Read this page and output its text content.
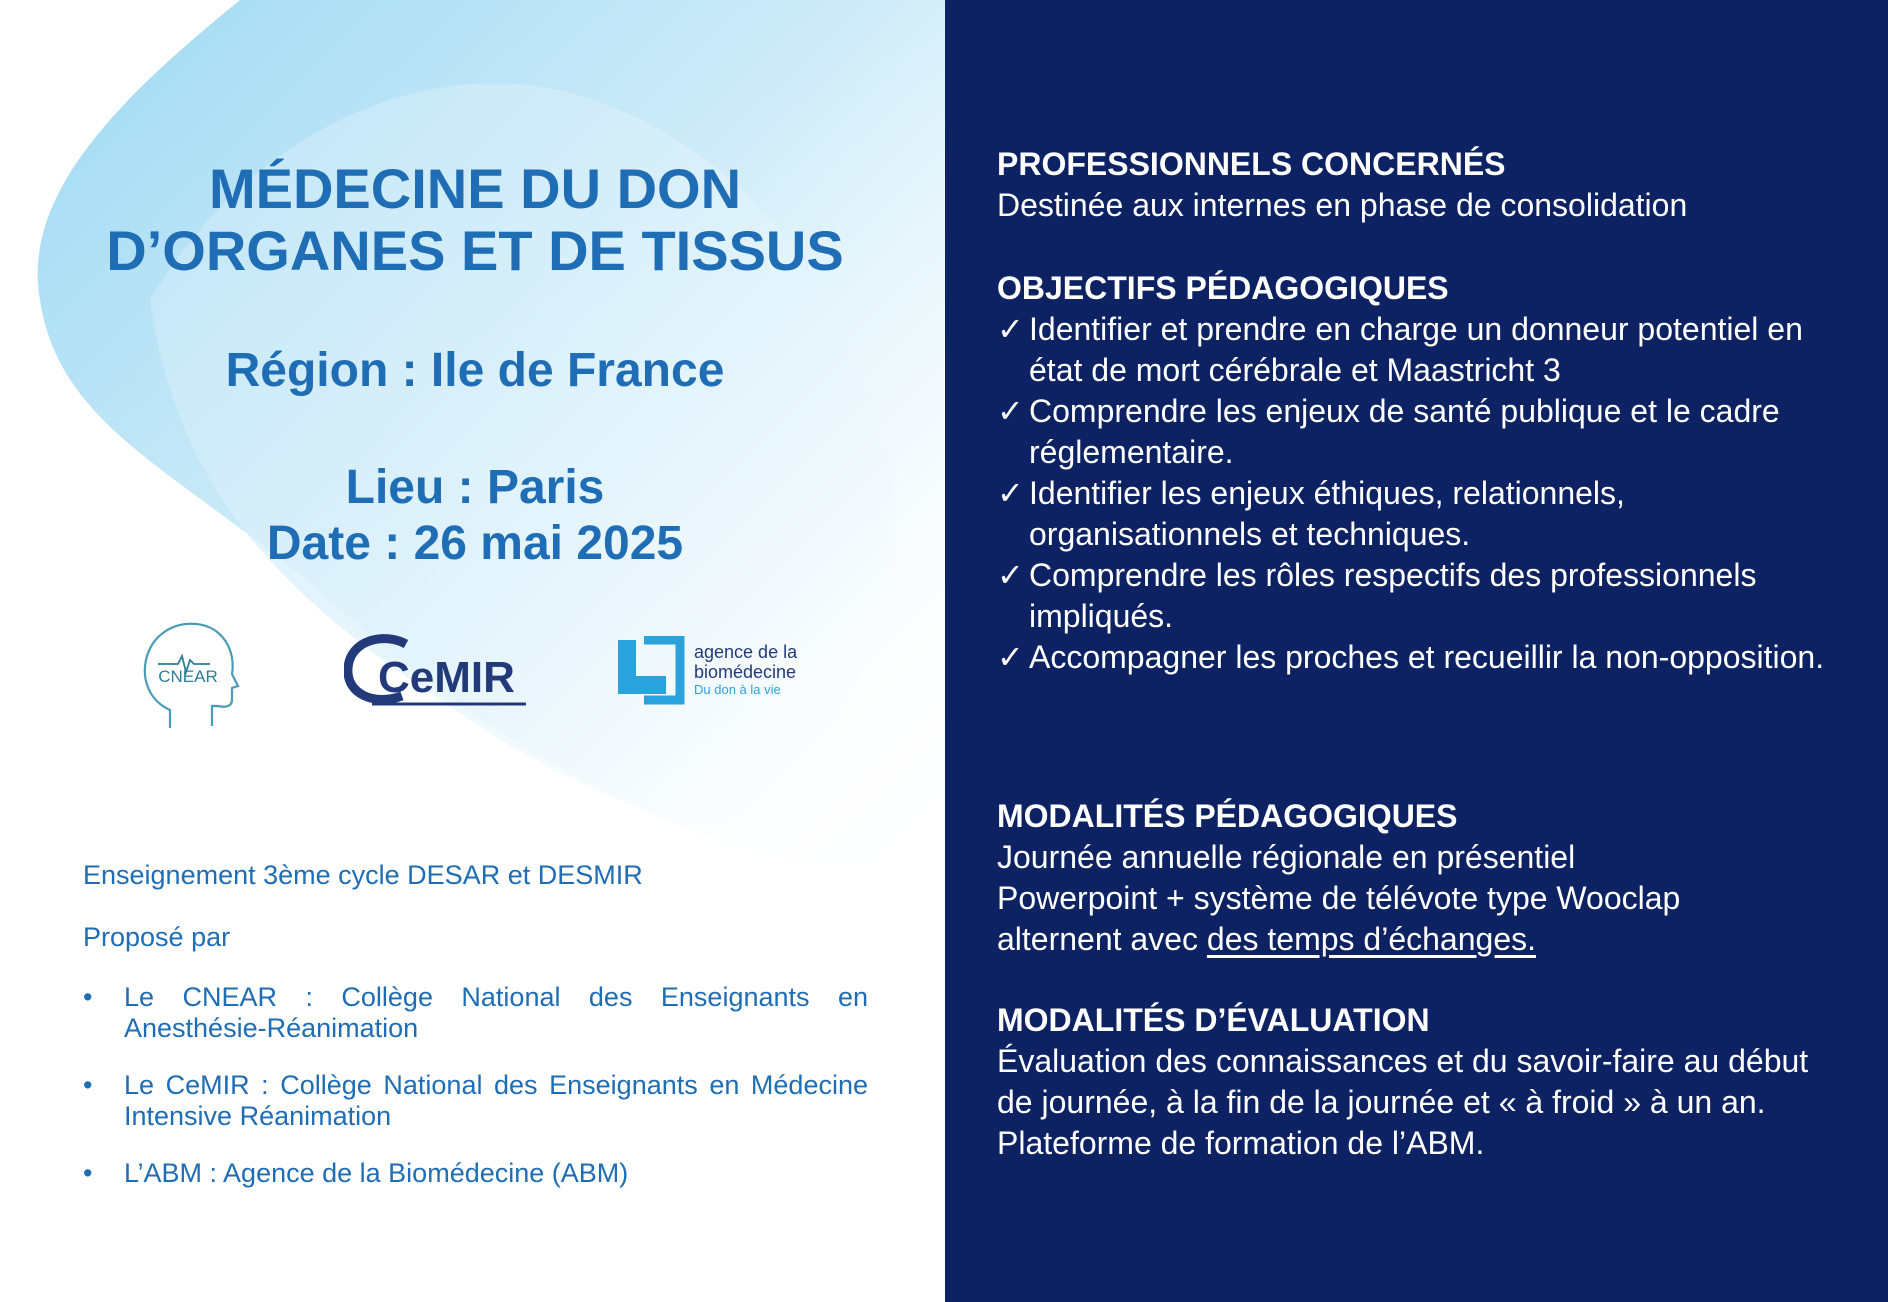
MÉDECINE DU DON D’ORGANES ET DE TISSUS

Région : Ile de France

Lieu : Paris

Date : 26 mai 2025

CNEAR	CeMIR
agence de la
biomédecine
Du don à la vie

Enseignement 3ème cycle DESAR et DESMIR

Proposé par

• Le CNEAR : Collège National des Enseignants en Anesthésie-Réanimation
• Le CeMIR : Collège National des Enseignants en Médecine Intensive Réanimation
• L’ABM : Agence de la Biomédecine (ABM)
PROFESSIONNELS CONCERNÉS

Destinée aux internes en phase de consolidation

OBJECTIFS PÉDAGOGIQUES
✓ Identifier et prendre en charge un donneur potentiel en état de mort cérébrale et Maastricht 3
✓ Comprendre les enjeux de santé publique et le cadre réglementaire.
✓ Identifier les enjeux éthiques, relationnels, organisationnels et techniques.
✓ Comprendre les rôles respectifs des professionnels impliqués.
✓ Accompagner les proches et recueillir la non-opposition.
MODALITÉS PÉDAGOGIQUES

Journée annuelle régionale en présentiel

Powerpoint + système de télévote type Wooclap

alternent avec des temps d’échanges.

MODALITÉS D’ÉVALUATION

Évaluation des connaissances et du savoir-faire au début de journée, à la fin de la journée et « à froid » à un an. Plateforme de formation de l’ABM.
